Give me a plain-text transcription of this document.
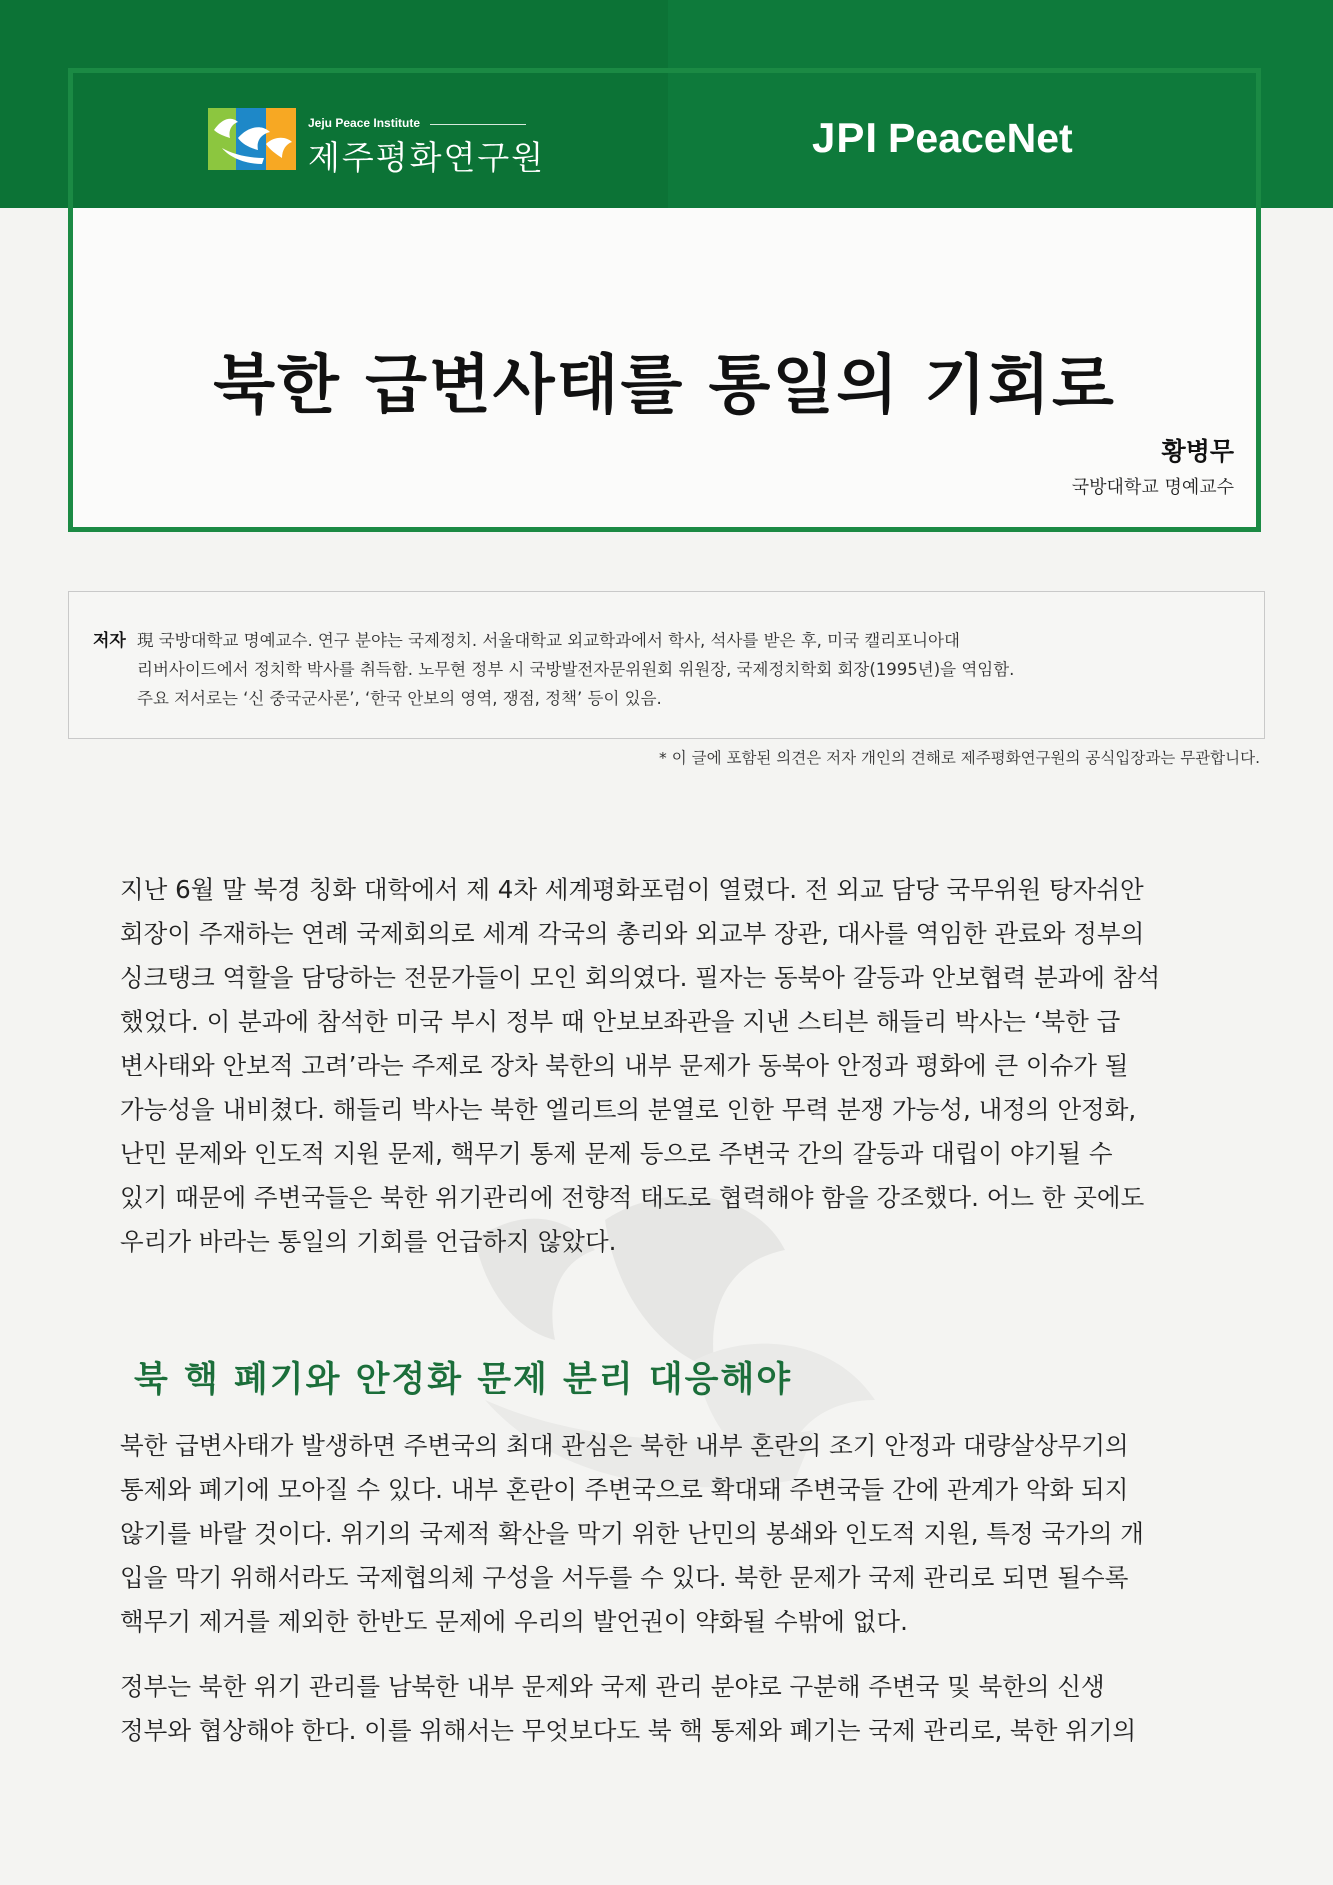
Jeju Peace Institute
제주평화연구원	JPI PeaceNet
북한 급변사태를 통일의 기회로
황병무
국방대학교 명예교수
저자 現 국방대학교 명예교수. 연구 분야는 국제정치. 서울대학교 외교학과에서 학사, 석사를 받은 후, 미국 캘리포니아대
리버사이드에서 정치학 박사를 취득함. 노무현 정부 시 국방발전자문위원회 위원장, 국제정치학회 회장(1995년)을 역임함.
주요 저서로는 ‘신 중국군사론’, ‘한국 안보의 영역, 쟁점, 정책’ 등이 있음.
* 이 글에 포함된 의견은 저자 개인의 견해로 제주평화연구원의 공식입장과는 무관합니다.
지난 6월 말 북경 칭화 대학에서 제 4차 세계평화포럼이 열렸다. 전 외교 담당 국무위원 탕자쉬안
회장이 주재하는 연례 국제회의로 세계 각국의 총리와 외교부 장관, 대사를 역임한 관료와 정부의
싱크탱크 역할을 담당하는 전문가들이 모인 회의였다. 필자는 동북아 갈등과 안보협력 분과에 참석
했었다. 이 분과에 참석한 미국 부시 정부 때 안보보좌관을 지낸 스티븐 해들리 박사는 ‘북한 급
변사태와 안보적 고려’라는 주제로 장차 북한의 내부 문제가 동북아 안정과 평화에 큰 이슈가 될
가능성을 내비쳤다. 해들리 박사는 북한 엘리트의 분열로 인한 무력 분쟁 가능성, 내정의 안정화,
난민 문제와 인도적 지원 문제, 핵무기 통제 문제 등으로 주변국 간의 갈등과 대립이 야기될 수
있기 때문에 주변국들은 북한 위기관리에 전향적 태도로 협력해야 함을 강조했다. 어느 한 곳에도
우리가 바라는 통일의 기회를 언급하지 않았다.
북 핵 폐기와 안정화 문제 분리 대응해야
북한 급변사태가 발생하면 주변국의 최대 관심은 북한 내부 혼란의 조기 안정과 대량살상무기의
통제와 폐기에 모아질 수 있다. 내부 혼란이 주변국으로 확대돼 주변국들 간에 관계가 악화 되지
않기를 바랄 것이다. 위기의 국제적 확산을 막기 위한 난민의 봉쇄와 인도적 지원, 특정 국가의 개
입을 막기 위해서라도 국제협의체 구성을 서두를 수 있다. 북한 문제가 국제 관리로 되면 될수록
핵무기 제거를 제외한 한반도 문제에 우리의 발언권이 약화될 수밖에 없다.
정부는 북한 위기 관리를 남북한 내부 문제와 국제 관리 분야로 구분해 주변국 및 북한의 신생
정부와 협상해야 한다. 이를 위해서는 무엇보다도 북 핵 통제와 폐기는 국제 관리로, 북한 위기의
